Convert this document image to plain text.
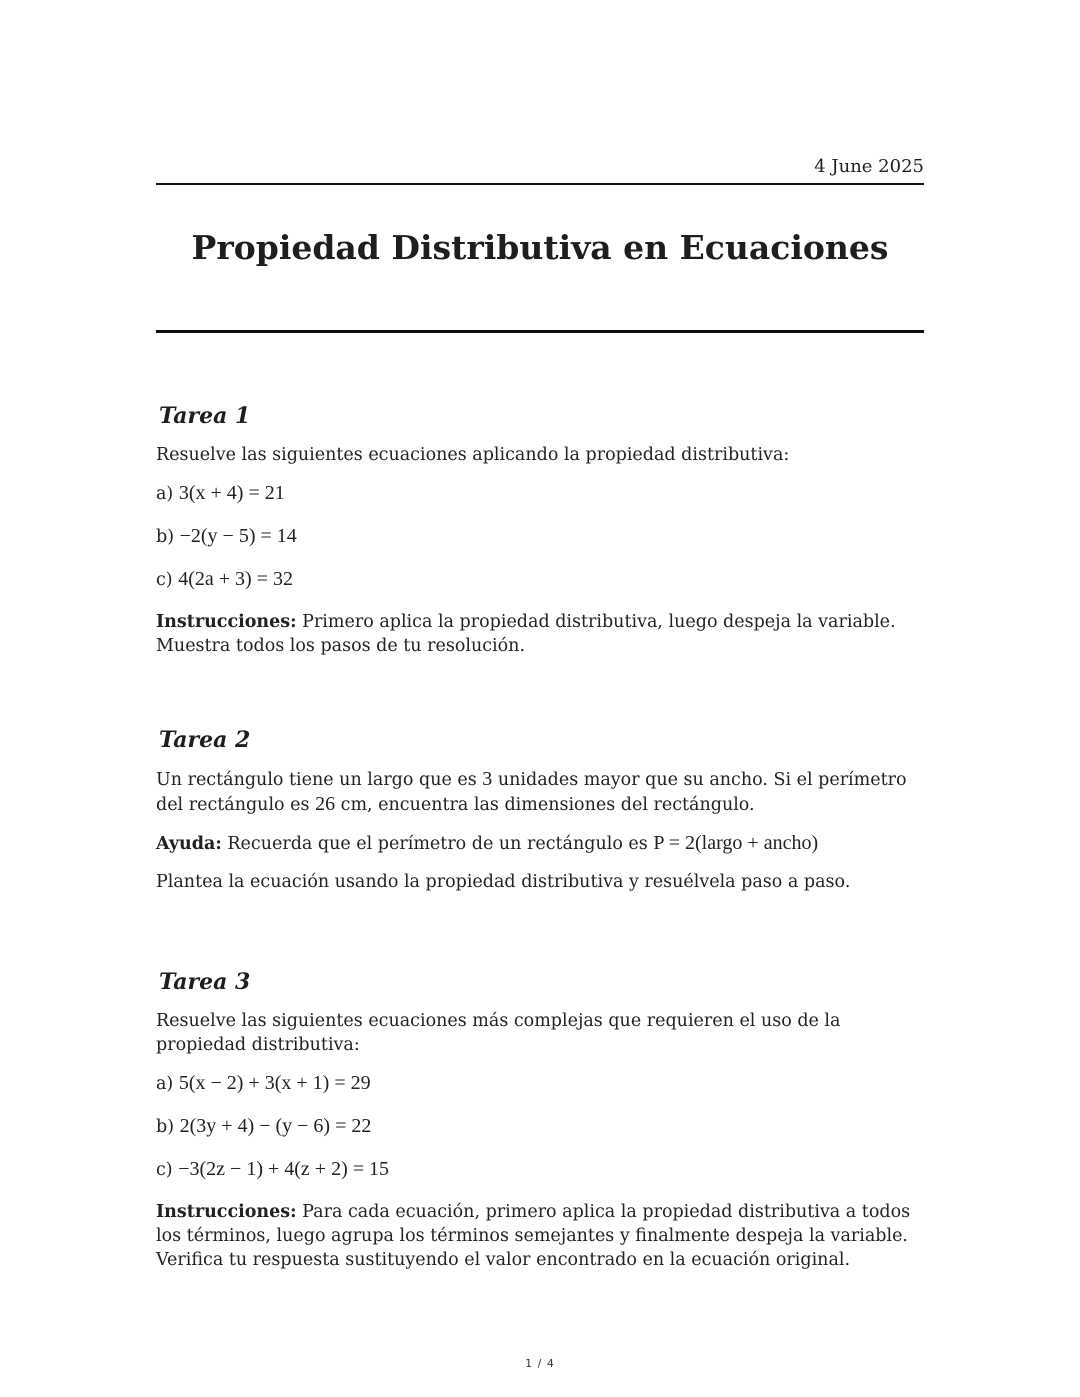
4 June 2025
Propiedad Distributiva en Ecuaciones
Tarea 1

Resuelve las siguientes ecuaciones aplicando la propiedad distributiva:

a) 3(x + 4) = 21
b) −2(y − 5) = 14
c) 4(2a + 3) = 32

Instrucciones: Primero aplica la propiedad distributiva, luego despeja la variable. Muestra todos los pasos de tu resolución.

Tarea 2

Un rectángulo tiene un largo que es 3 unidades mayor que su ancho. Si el perímetro del rectángulo es 26 cm, encuentra las dimensiones del rectángulo.

Ayuda: Recuerda que el perímetro de un rectángulo es P = 2(largo + ancho)

Plantea la ecuación usando la propiedad distributiva y resuélvela paso a paso.

Tarea 3

Resuelve las siguientes ecuaciones más complejas que requieren el uso de la propiedad distributiva:

a) 5(x − 2) + 3(x + 1) = 29
b) 2(3y + 4) − (y − 6) = 22
c) −3(2z − 1) + 4(z + 2) = 15

Instrucciones: Para cada ecuación, primero aplica la propiedad distributiva a todos los términos, luego agrupa los términos semejantes y finalmente despeja la variable. Verifica tu respuesta sustituyendo el valor encontrado en la ecuación original.

1 / 4
